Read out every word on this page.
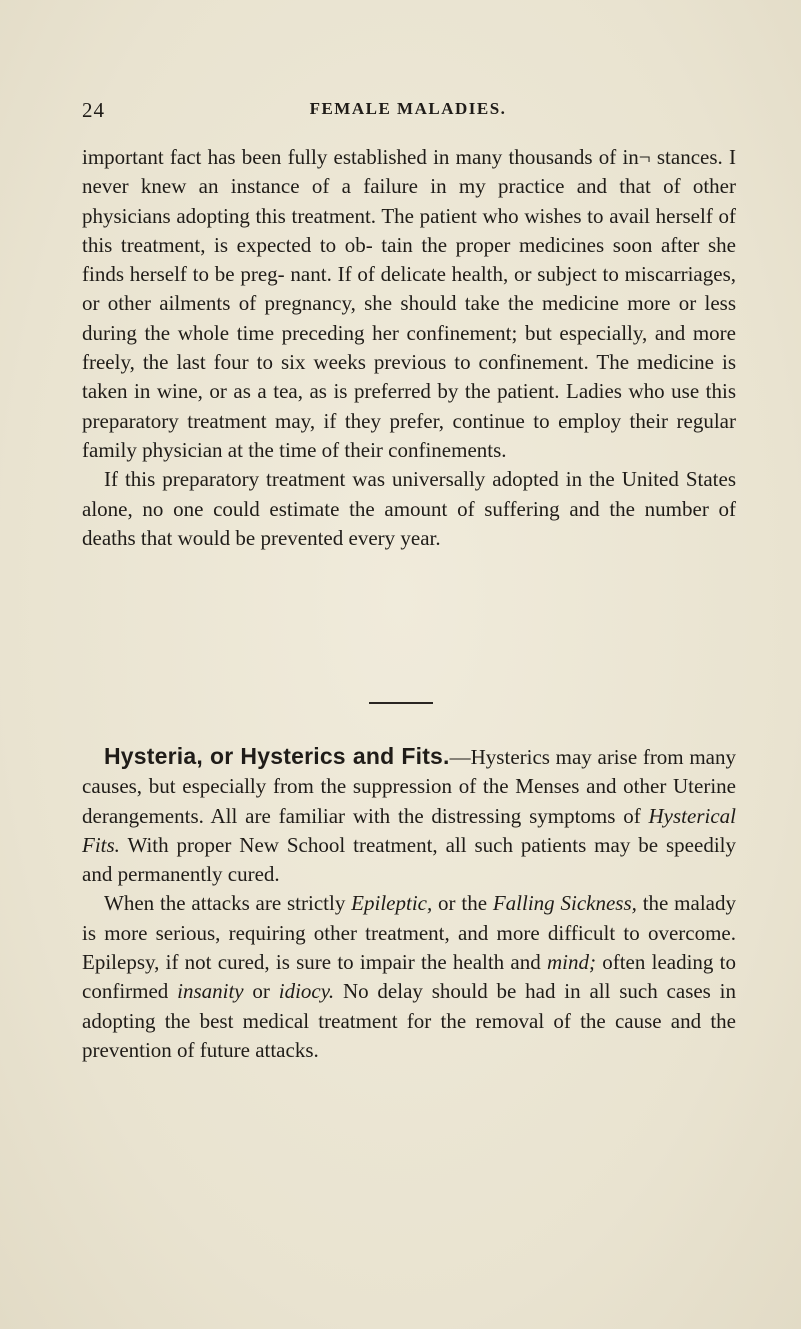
24	FEMALE MALADIES.

important fact has been fully established in many thousands of in¬ stances. I never knew an instance of a failure in my practice and that of other physicians adopting this treatment. The patient who wishes to avail herself of this treatment, is expected to ob- tain the proper medicines soon after she finds herself to be preg- nant. If of delicate health, or subject to miscarriages, or other ailments of pregnancy, she should take the medicine more or less during the whole time preceding her confinement; but especially, and more freely, the last four to six weeks previous to confinement. The medicine is taken in wine, or as a tea, as is preferred by the patient. Ladies who use this preparatory treatment may, if they prefer, continue to employ their regular family physician at the time of their confinements.

If this preparatory treatment was universally adopted in the United States alone, no one could estimate the amount of suffering and the number of deaths that would be prevented every year.

Hysteria, or Hysterics and Fits.—Hysterics may arise from many causes, but especially from the suppression of the Menses and other Uterine derangements. All are familiar with the distressing symptoms of Hysterical Fits. With proper New School treatment, all such patients may be speedily and permanently cured.

When the attacks are strictly Epileptic, or the Falling Sickness, the malady is more serious, requiring other treatment, and more difficult to overcome. Epilepsy, if not cured, is sure to impair the health and mind; often leading to confirmed insanity or idiocy. No delay should be had in all such cases in adopting the best medical treatment for the removal of the cause and the prevention of future attacks.
